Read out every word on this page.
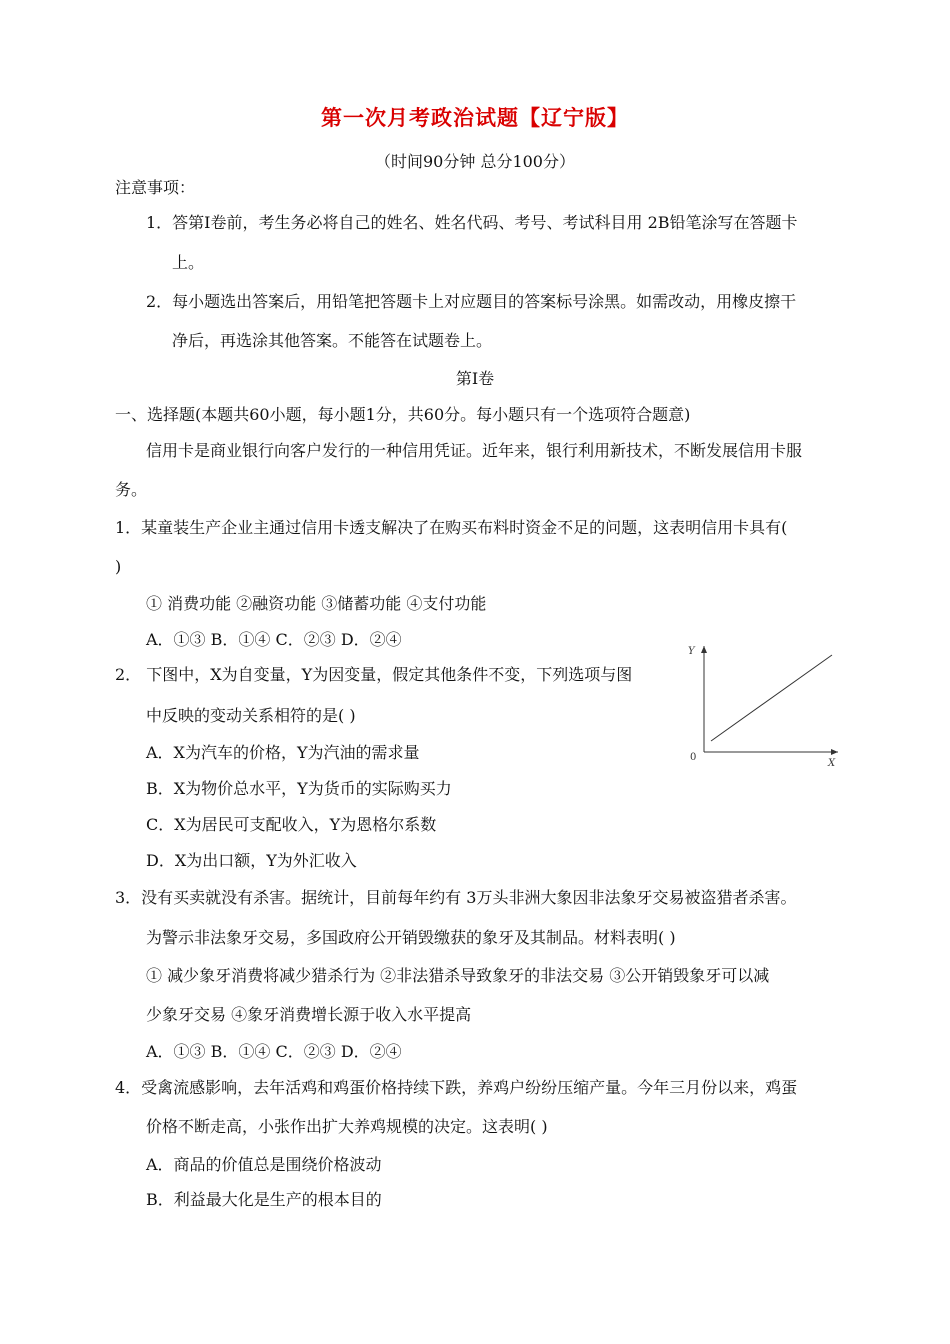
第一次月考政治试题【辽宁版】
（时间90分钟 总分100分）
注意事项：
1．答第Ⅰ卷前，考生务必将自己的姓名、姓名代码、考号、考试科目用 2B铅笔涂写在答题卡
上。
2．每小题选出答案后，用铅笔把答题卡上对应题目的答案标号涂黑。如需改动，用橡皮擦干
净后，再选涂其他答案。不能答在试题卷上。
第Ⅰ卷
一、选择题(本题共60小题，每小题1分，共60分。每小题只有一个选项符合题意)
信用卡是商业银行向客户发行的一种信用凭证。近年来，银行利用新技术，不断发展信用卡服
务。
1．某童装生产企业主通过信用卡透支解决了在购买布料时资金不足的问题，这表明信用卡具有(
)
① 消费功能 ②融资功能 ③储蓄功能 ④支付功能
A．①③ B．①④ C．②③ D．②④
2． 下图中，X为自变量，Y为因变量，假定其他条件不变，下列选项与图
中反映的变动关系相符的是( )
A．X为汽车的价格，Y为汽油的需求量
B．X为物价总水平，Y为货币的实际购买力
C．X为居民可支配收入，Y为恩格尔系数
D．X为出口额，Y为外汇收入
Y
X
0
3．没有买卖就没有杀害。据统计，目前每年约有 3万头非洲大象因非法象牙交易被盗猎者杀害。
为警示非法象牙交易，多国政府公开销毁缴获的象牙及其制品。材料表明( )
① 减少象牙消费将减少猎杀行为 ②非法猎杀导致象牙的非法交易 ③公开销毁象牙可以减
少象牙交易 ④象牙消费增长源于收入水平提高
A．①③ B．①④ C．②③ D．②④
4．受禽流感影响，去年活鸡和鸡蛋价格持续下跌，养鸡户纷纷压缩产量。今年三月份以来，鸡蛋
价格不断走高，小张作出扩大养鸡规模的决定。这表明( )
A．商品的价值总是围绕价格波动
B．利益最大化是生产的根本目的
